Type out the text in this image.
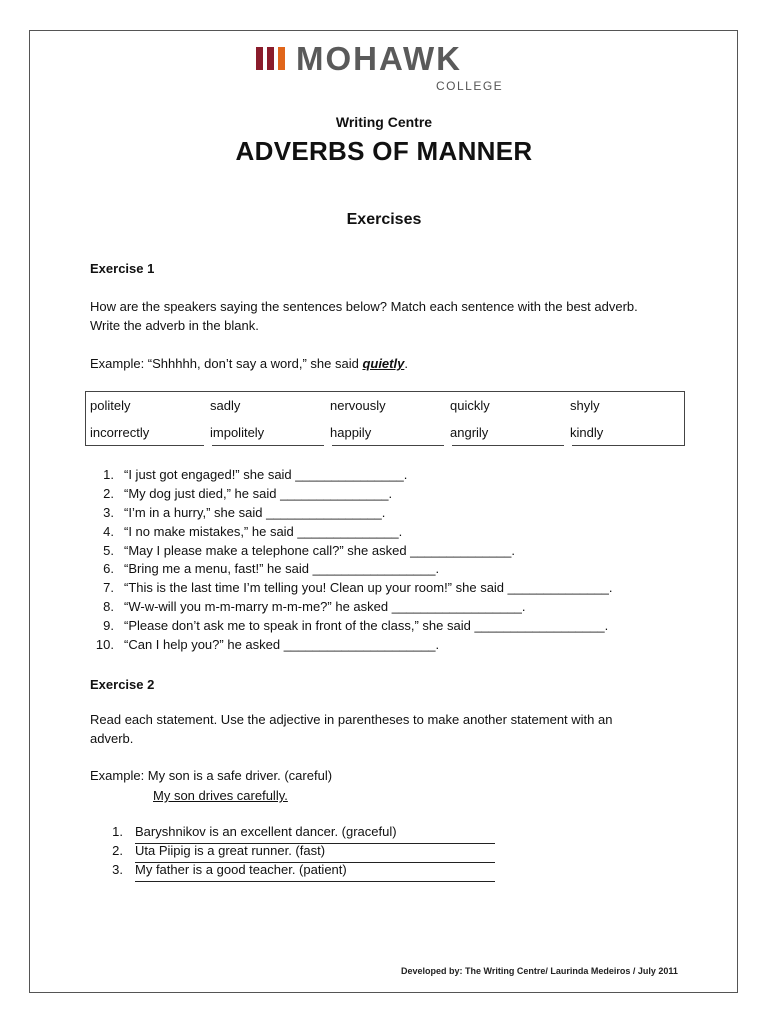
MOHAWK
COLLEGE
Writing Centre
ADVERBS OF MANNER
Exercises
Exercise 1
How are the speakers saying the sentences below? Match each sentence with the best adverb.
Write the adverb in the blank.
Example: “Shhhhh, don’t say a word,” she said quietly.
politely	sadly	nervously	quickly	shyly
incorrectly	impolitely	happily	angrily	kindly
1. “I just got engaged!” she said _______________.
2. “My dog just died,” he said _______________.
3. “I’m in a hurry,” she said ________________.
4. “I no make mistakes,” he said ______________.
5. “May I please make a telephone call?” she asked ______________.
6. “Bring me a menu, fast!” he said _________________.
7. “This is the last time I’m telling you! Clean up your room!” she said ______________.
8. “W-w-will you m-m-marry m-m-me?” he asked __________________.
9. “Please don’t ask me to speak in front of the class,” she said __________________.
10. “Can I help you?” he asked _____________________.
Exercise 2
Read each statement. Use the adjective in parentheses to make another statement with an
adverb.
Example: My son is a safe driver. (careful)
My son drives carefully.
1. Baryshnikov is an excellent dancer. (graceful)
2. Uta Piipig is a great runner. (fast)
3. My father is a good teacher. (patient)
Developed by: The Writing Centre/ Laurinda Medeiros / July 2011
